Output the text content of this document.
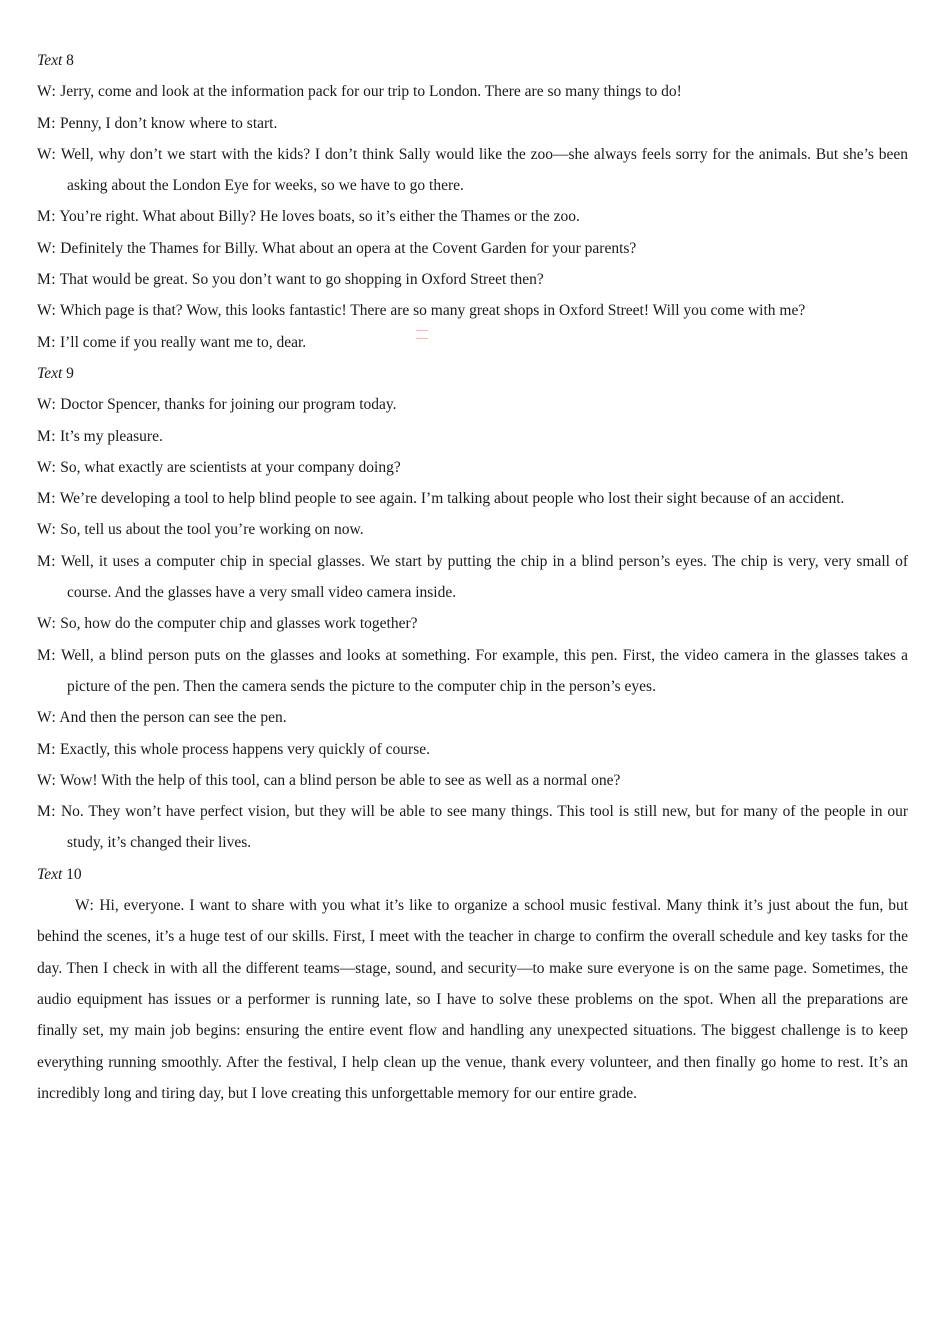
Text 8
W: Jerry, come and look at the information pack for our trip to London. There are so many things to do!
M: Penny, I don’t know where to start.
W: Well, why don’t we start with the kids? I don’t think Sally would like the zoo—she always feels sorry for the animals. But she’s been asking about the London Eye for weeks, so we have to go there.
M: You’re right. What about Billy? He loves boats, so it’s either the Thames or the zoo.
W: Definitely the Thames for Billy. What about an opera at the Covent Garden for your parents?
M: That would be great. So you don’t want to go shopping in Oxford Street then?
W: Which page is that? Wow, this looks fantastic! There are so many great shops in Oxford Street! Will you come with me?
M: I’ll come if you really want me to, dear.
Text 9
W: Doctor Spencer, thanks for joining our program today.
M: It’s my pleasure.
W: So, what exactly are scientists at your company doing?
M: We’re developing a tool to help blind people to see again. I’m talking about people who lost their sight because of an accident.
W: So, tell us about the tool you’re working on now.
M: Well, it uses a computer chip in special glasses. We start by putting the chip in a blind person’s eyes. The chip is very, very small of course. And the glasses have a very small video camera inside.
W: So, how do the computer chip and glasses work together?
M: Well, a blind person puts on the glasses and looks at something. For example, this pen. First, the video camera in the glasses takes a picture of the pen. Then the camera sends the picture to the computer chip in the person’s eyes.
W: And then the person can see the pen.
M: Exactly, this whole process happens very quickly of course.
W: Wow! With the help of this tool, can a blind person be able to see as well as a normal one?
M: No. They won’t have perfect vision, but they will be able to see many things. This tool is still new, but for many of the people in our study, it’s changed their lives.
Text 10
W: Hi, everyone. I want to share with you what it’s like to organize a school music festival. Many think it’s just about the fun, but behind the scenes, it’s a huge test of our skills. First, I meet with the teacher in charge to confirm the overall schedule and key tasks for the day. Then I check in with all the different teams—stage, sound, and security—to make sure everyone is on the same page. Sometimes, the audio equipment has issues or a performer is running late, so I have to solve these problems on the spot. When all the preparations are finally set, my main job begins: ensuring the entire event flow and handling any unexpected situations. The biggest challenge is to keep everything running smoothly. After the festival, I help clean up the venue, thank every volunteer, and then finally go home to rest. It’s an incredibly long and tiring day, but I love creating this unforgettable memory for our entire grade.
